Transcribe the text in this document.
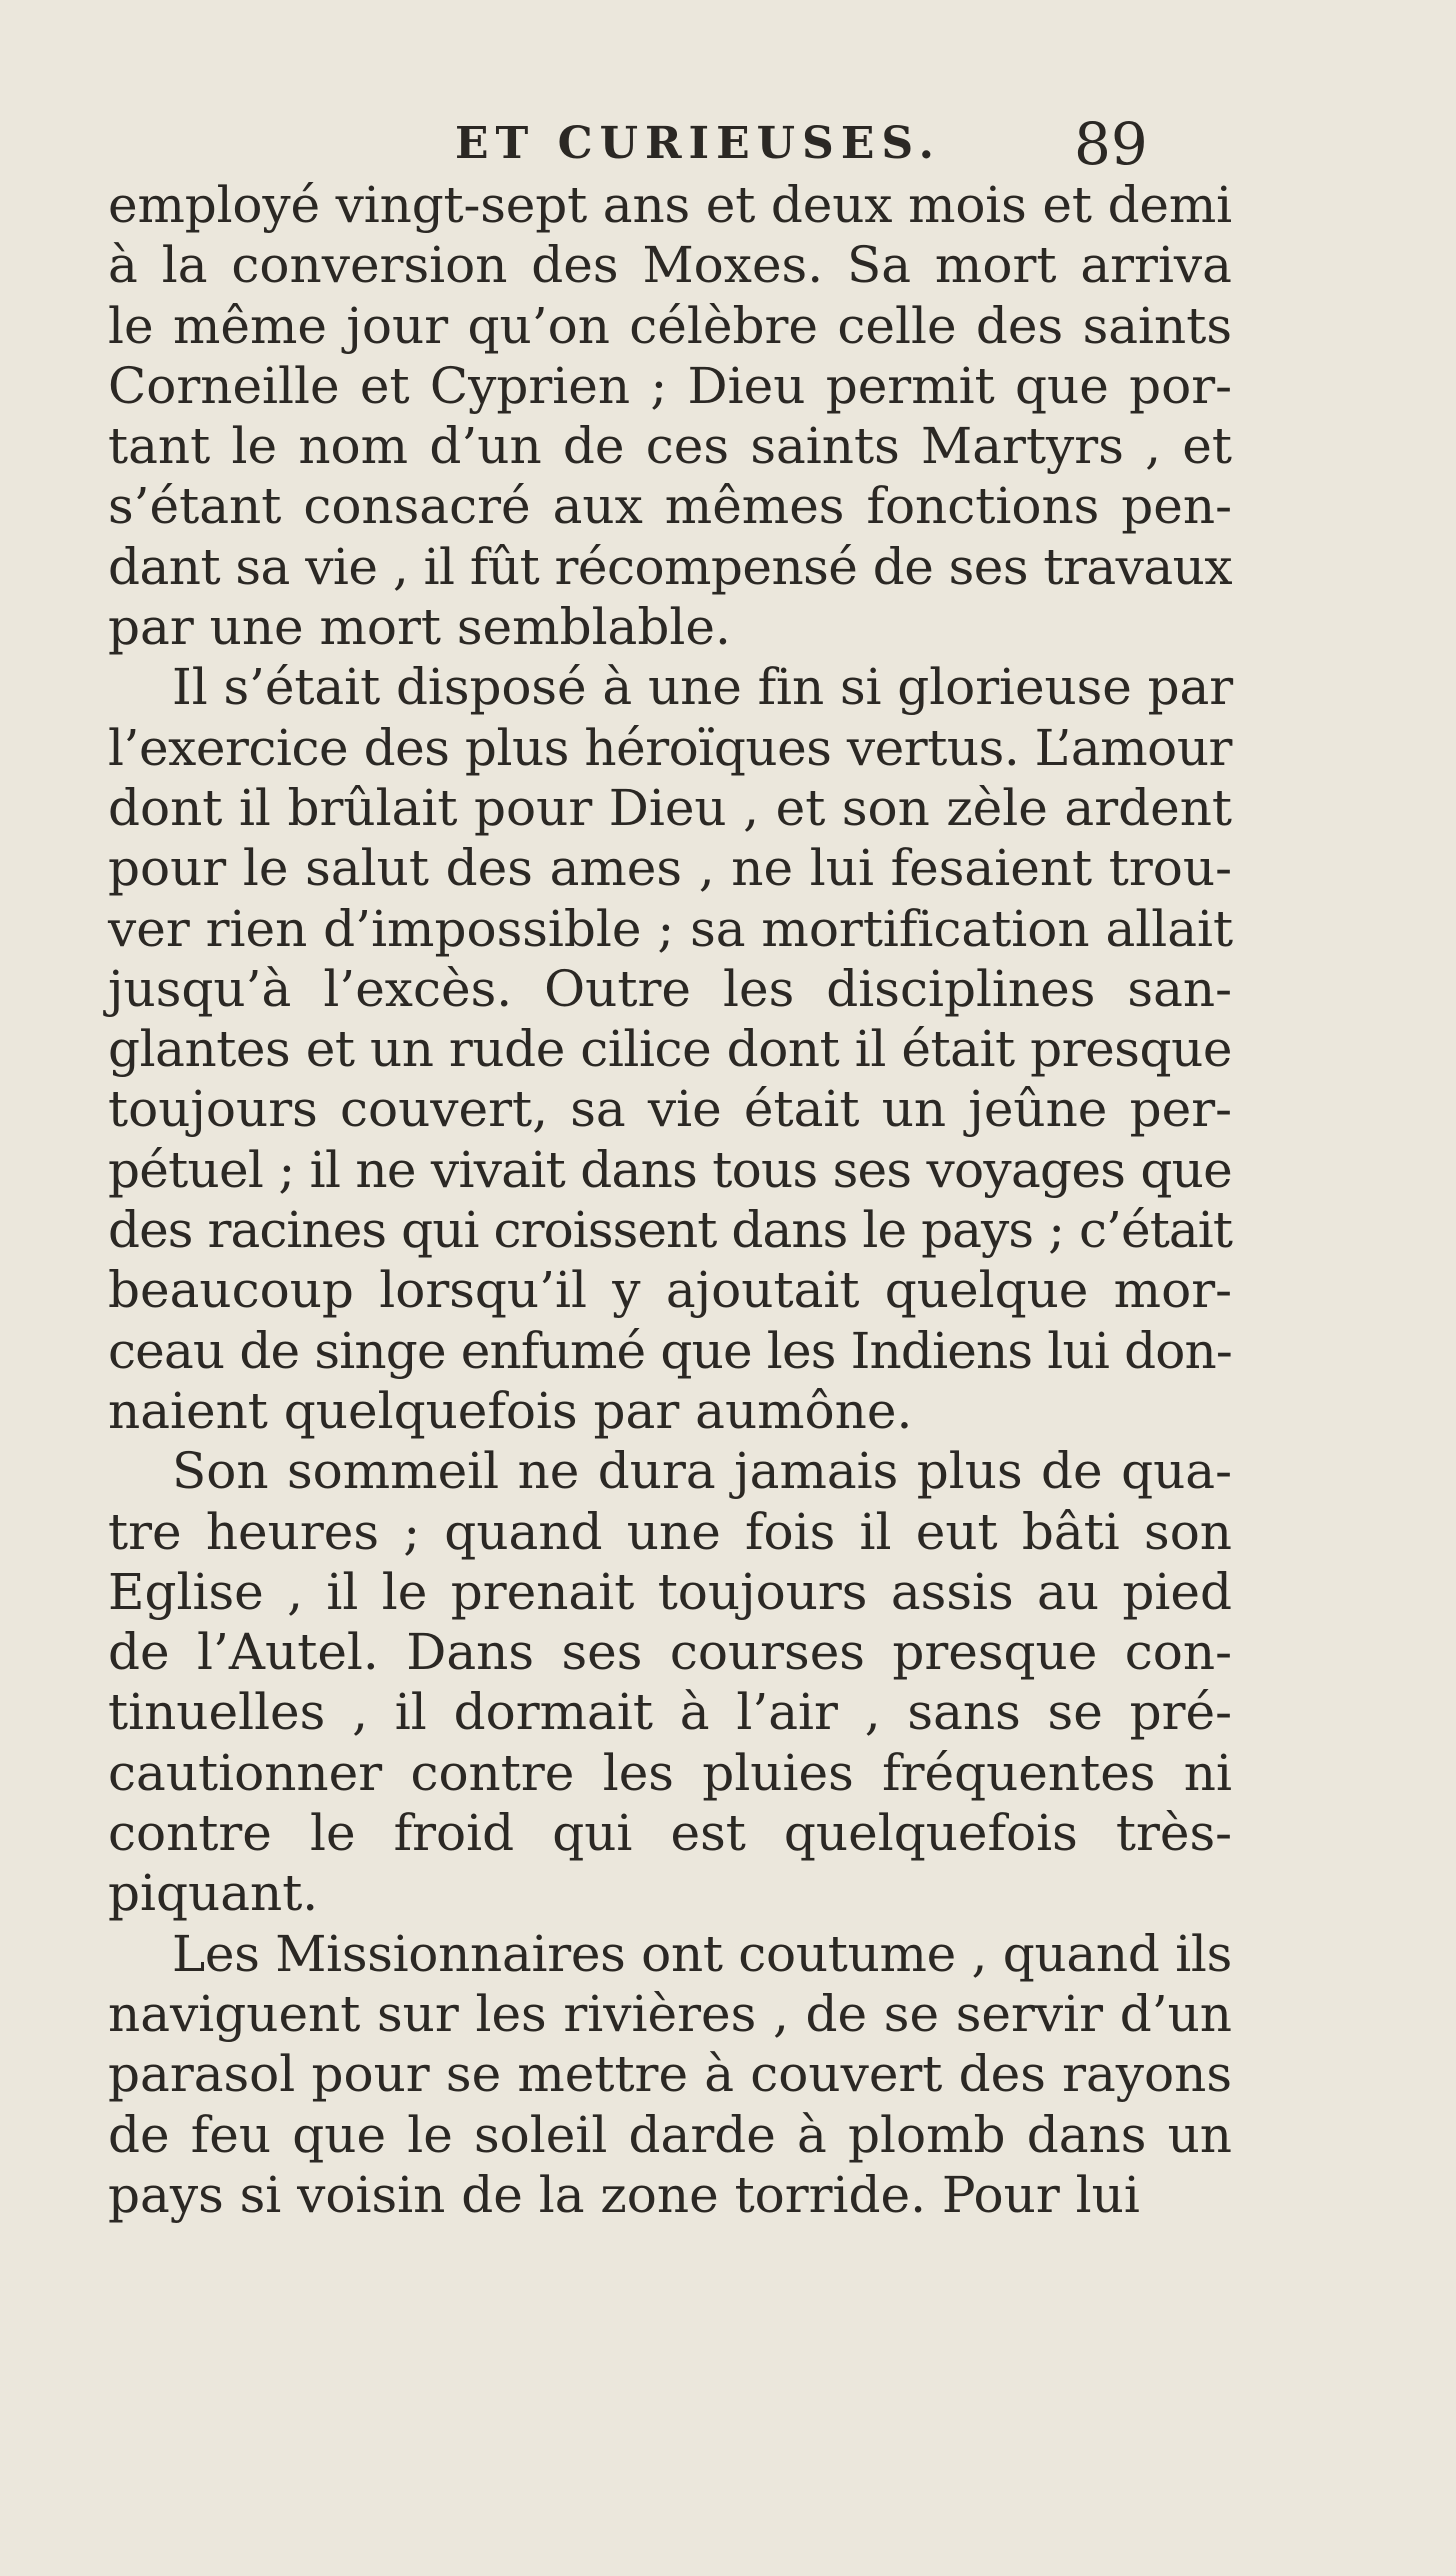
ET CURIEUSES. 89
employé vingt-sept ans et deux mois et demi
à la conversion des Moxes. Sa mort arriva
le même jour qu’on célèbre celle des saints
Corneille et Cyprien ; Dieu permit que por-
tant le nom d’un de ces saints Martyrs , et
s’étant consacré aux mêmes fonctions pen-
dant sa vie , il fût récompensé de ses travaux
par une mort semblable.
Il s’était disposé à une fin si glorieuse par
l’exercice des plus héroïques vertus. L’amour
dont il brûlait pour Dieu , et son zèle ardent
pour le salut des ames , ne lui fesaient trou-
ver rien d’impossible ; sa mortification allait
jusqu’à l’excès. Outre les disciplines san-
glantes et un rude cilice dont il était presque
toujours couvert, sa vie était un jeûne per-
pétuel ; il ne vivait dans tous ses voyages que
des racines qui croissent dans le pays ; c’était
beaucoup lorsqu’il y ajoutait quelque mor-
ceau de singe enfumé que les Indiens lui don-
naient quelquefois par aumône.
Son sommeil ne dura jamais plus de qua-
tre heures ; quand une fois il eut bâti son
Eglise , il le prenait toujours assis au pied
de l’Autel. Dans ses courses presque con-
tinuelles , il dormait à l’air , sans se pré-
cautionner contre les pluies fréquentes ni
contre le froid qui est quelquefois très-
piquant.
Les Missionnaires ont coutume , quand ils
naviguent sur les rivières , de se servir d’un
parasol pour se mettre à couvert des rayons
de feu que le soleil darde à plomb dans un
pays si voisin de la zone torride. Pour lui
